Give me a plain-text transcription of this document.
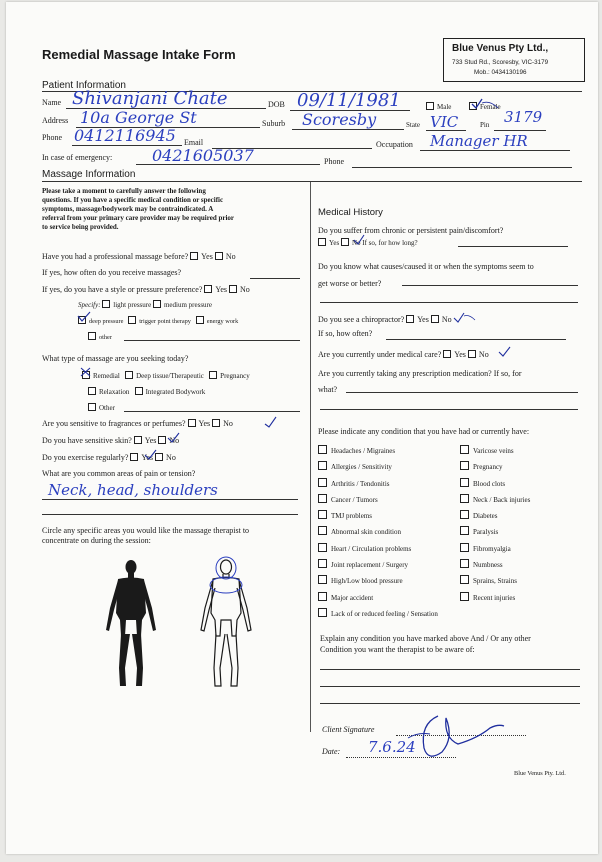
Remedial Massage Intake Form	Blue Venus Pty Ltd.,
733 Stud Rd., Scoresby, VIC-3179
Mob.: 0434130196
Patient Information
Name Shivanjani Chate	DOB 09/11/1981	Male	Female
Address 10a George St	Suburb Scoresby	State VIC	Pin 3179
Phone 0412116945 Email	Occupation Manager HR
In case of emergency: 0421605037	Phone
Massage Information
Please take a moment to carefully answer the following
questions. If you have a specific medical condition or specific
symptoms, massage/bodywork may be contraindicated. A
referral from your primary care provider may be required prior
to service being provided.
Have you had a professional massage before? Yes No
If yes, how often do you receive massages?
If yes, do you have a style or pressure preference? Yes No
Specify: light pressure medium pressure
deep pressure trigger point therapy energy work
other
What type of massage are you seeking today?
Remedial Deep tissue/Therapeutic Pregnancy
Relaxation Integrated Bodywork
Other
Are you sensitive to fragrances or perfumes? Yes No
Do you have sensitive skin? Yes No
Do you exercise regularly? Yes No
What are you common areas of pain or tension?
Neck, head, shoulders
Circle any specific areas you would like the massage therapist to
concentrate on during the session:
Medical History
Do you suffer from chronic or persistent pain/discomfort?
Yes No If so, for how long?
Do you know what causes/caused it or when the symptoms seem to
get worse or better?
Do you see a chiropractor? Yes No
If so, how often?
Are you currently under medical care? Yes No
Are you currently taking any prescription medication? If so, for
what?
Please indicate any condition that you have had or currently have:
Headaches / Migraines
Allergies / Sensitivity
Arthritis / Tendonitis
Cancer / Tumors
TMJ problems
Abnormal skin condition
Heart / Circulation problems
Joint replacement / Surgery
High/Low blood pressure
Major accident
Lack of or reduced feeling / Sensation
Varicose veins
Pregnancy
Blood clots
Neck / Back injuries
Diabetes
Paralysis
Fibromyalgia
Numbness
Sprains, Strains
Recent injuries
Explain any condition you have marked above And / Or any other
Condition you want the therapist to be aware of:
Client Signature
Date: 7.6.24
Blue Venus Pty. Ltd.
